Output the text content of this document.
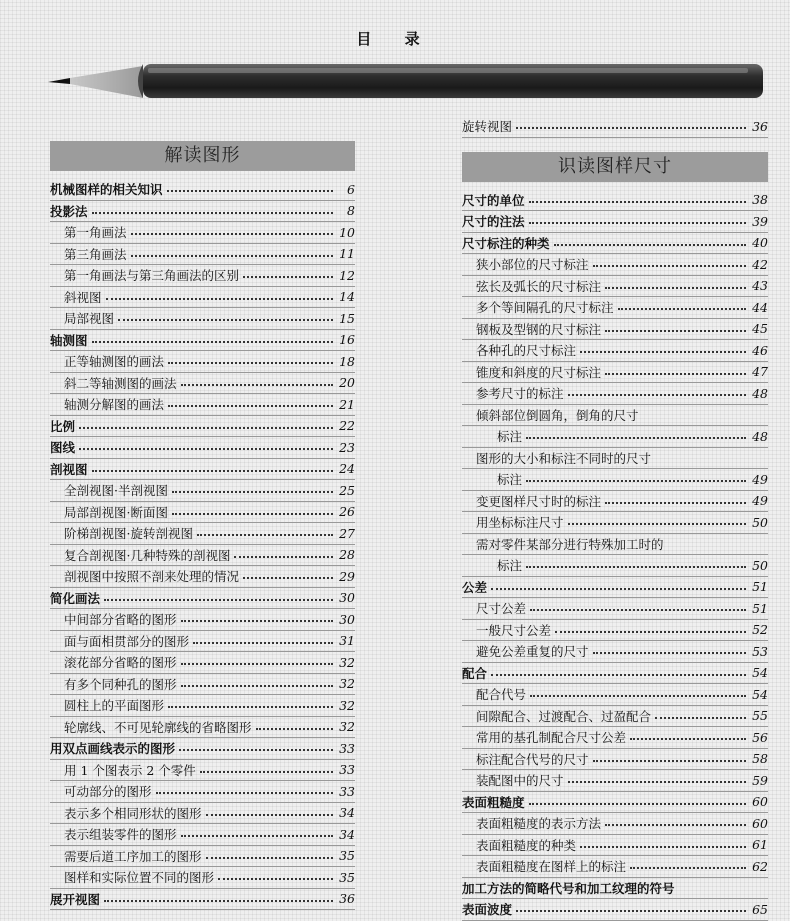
目 录
解读图形
机械图样的相关知识	6
投影法	8
第一角画法	10
第三角画法	11
第一角画法与第三角画法的区别	12
斜视图	14
局部视图	15
轴测图	16
正等轴测图的画法	18
斜二等轴测图的画法	20
轴测分解图的画法	21
比例	22
图线	23
剖视图	24
全剖视图·半剖视图	25
局部剖视图·断面图	26
阶梯剖视图·旋转剖视图	27
复合剖视图·几种特殊的剖视图	28
剖视图中按照不剖来处理的情况	29
简化画法	30
中间部分省略的图形	30
面与面相贯部分的图形	31
滚花部分省略的图形	32
有多个同种孔的图形	32
圆柱上的平面图形	32
轮廓线、不可见轮廓线的省略图形	32
用双点画线表示的图形	33
用 1 个图表示 2 个零件	33
可动部分的图形	33
表示多个相同形状的图形	34
表示组装零件的图形	34
需要后道工序加工的图形	35
图样和实际位置不同的图形	35
展开视图	36
旋转视图	36
识读图样尺寸
尺寸的单位	38
尺寸的注法	39
尺寸标注的种类	40
狭小部位的尺寸标注	42
弦长及弧长的尺寸标注	43
多个等间隔孔的尺寸标注	44
钢板及型钢的尺寸标注	45
各种孔的尺寸标注	46
锥度和斜度的尺寸标注	47
参考尺寸的标注	48
倾斜部位倒圆角，倒角的尺寸
标注	48
图形的大小和标注不同时的尺寸
标注	49
变更图样尺寸时的标注	49
用坐标标注尺寸	50
需对零件某部分进行特殊加工时的
标注	50
公差	51
尺寸公差	51
一般尺寸公差	52
避免公差重复的尺寸	53
配合	54
配合代号	54
间隙配合、过渡配合、过盈配合	55
常用的基孔制配合尺寸公差	56
标注配合代号的尺寸	58
装配图中的尺寸	59
表面粗糙度	60
表面粗糙度的表示方法	60
表面粗糙度的种类	61
表面粗糙度在图样上的标注	62
加工方法的简略代号和加工纹理的符号
表面波度	65
